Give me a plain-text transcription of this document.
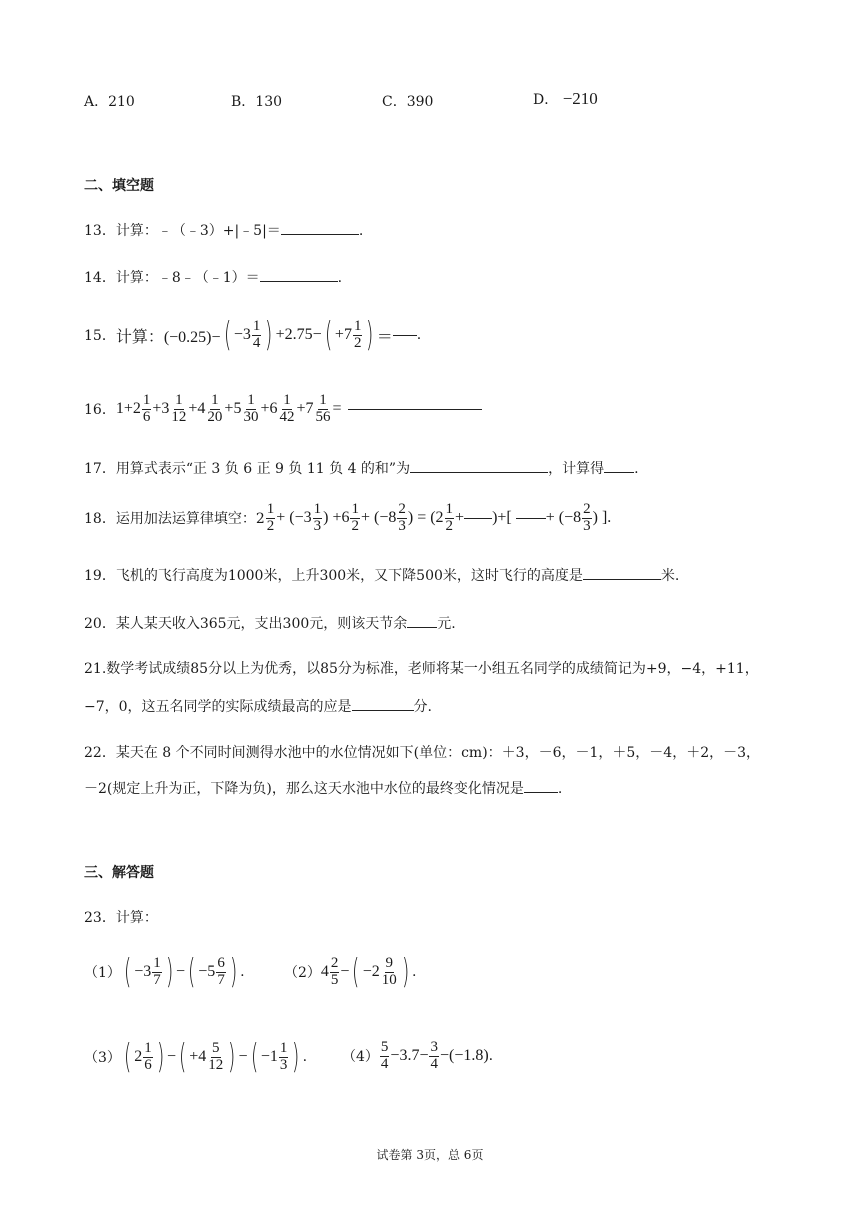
A．210	B．130	C．390	D． −210
二、填空题
13．计算：﹣（﹣3）+|﹣5|＝	.
14．计算：﹣8﹣（﹣1）＝	.
15． 计算：(−0.25)− ( $-3 \frac{1}{4}$ ) +2.75− ( $+7 \frac{1}{2}$ ) ＝ .
16． $1+2 \frac{1}{6} +3 \frac{1}{12} +4 \frac{1}{20} +5 \frac{1}{30} +6 \frac{1}{42} +7 \frac{1}{56}$ =
17．用算式表示“正 3 负 6 正 9 负 11 负 4 的和”为	，计算得 .
18． 运用加法运算律填空：$2 \frac{1}{2} + (-3 \frac{1}{3}$ ) $+6 \frac{1}{2} + (-8 \frac{2}{3}$ ) = ($2 \frac{1}{2}$ + )+[ + ($-8 \frac{2}{3}$ ) ].
19．飞机的飞行高度为1000米，上升300米，又下降500米，这时飞行的高度是	米.
20．某人某天收入365元，支出300元，则该天节余 元.
21.数学考试成绩85分以上为优秀，以85分为标准，老师将某一小组五名同学的成绩简记为+9，−4，+11，
−7，0，这五名同学的实际成绩最高的应是	分.
22．某天在 8 个不同时间测得水池中的水位情况如下(单位：cm)：＋3，－6，－1，＋5，－4，＋2，－3，
－2(规定上升为正，下降为负)，那么这天水池中水位的最终变化情况是 .
三、解答题
23．计算：
（1） ( $-3 \frac{1}{7}$ ) − ( $-5 \frac{6}{7}$ ) .	（2） $4 \frac{2}{5}$ − ( $-2 \frac{9}{10}$ ) .
（3） ( $2 \frac{1}{6}$ ) − ( $+4 \frac{5}{12}$ ) − ( $-1 \frac{1}{3}$ ) . $(4) \frac{5}{4} -3.7- \frac{3}{4} -(-1.8)$ .
试卷第 3页，总 6页
